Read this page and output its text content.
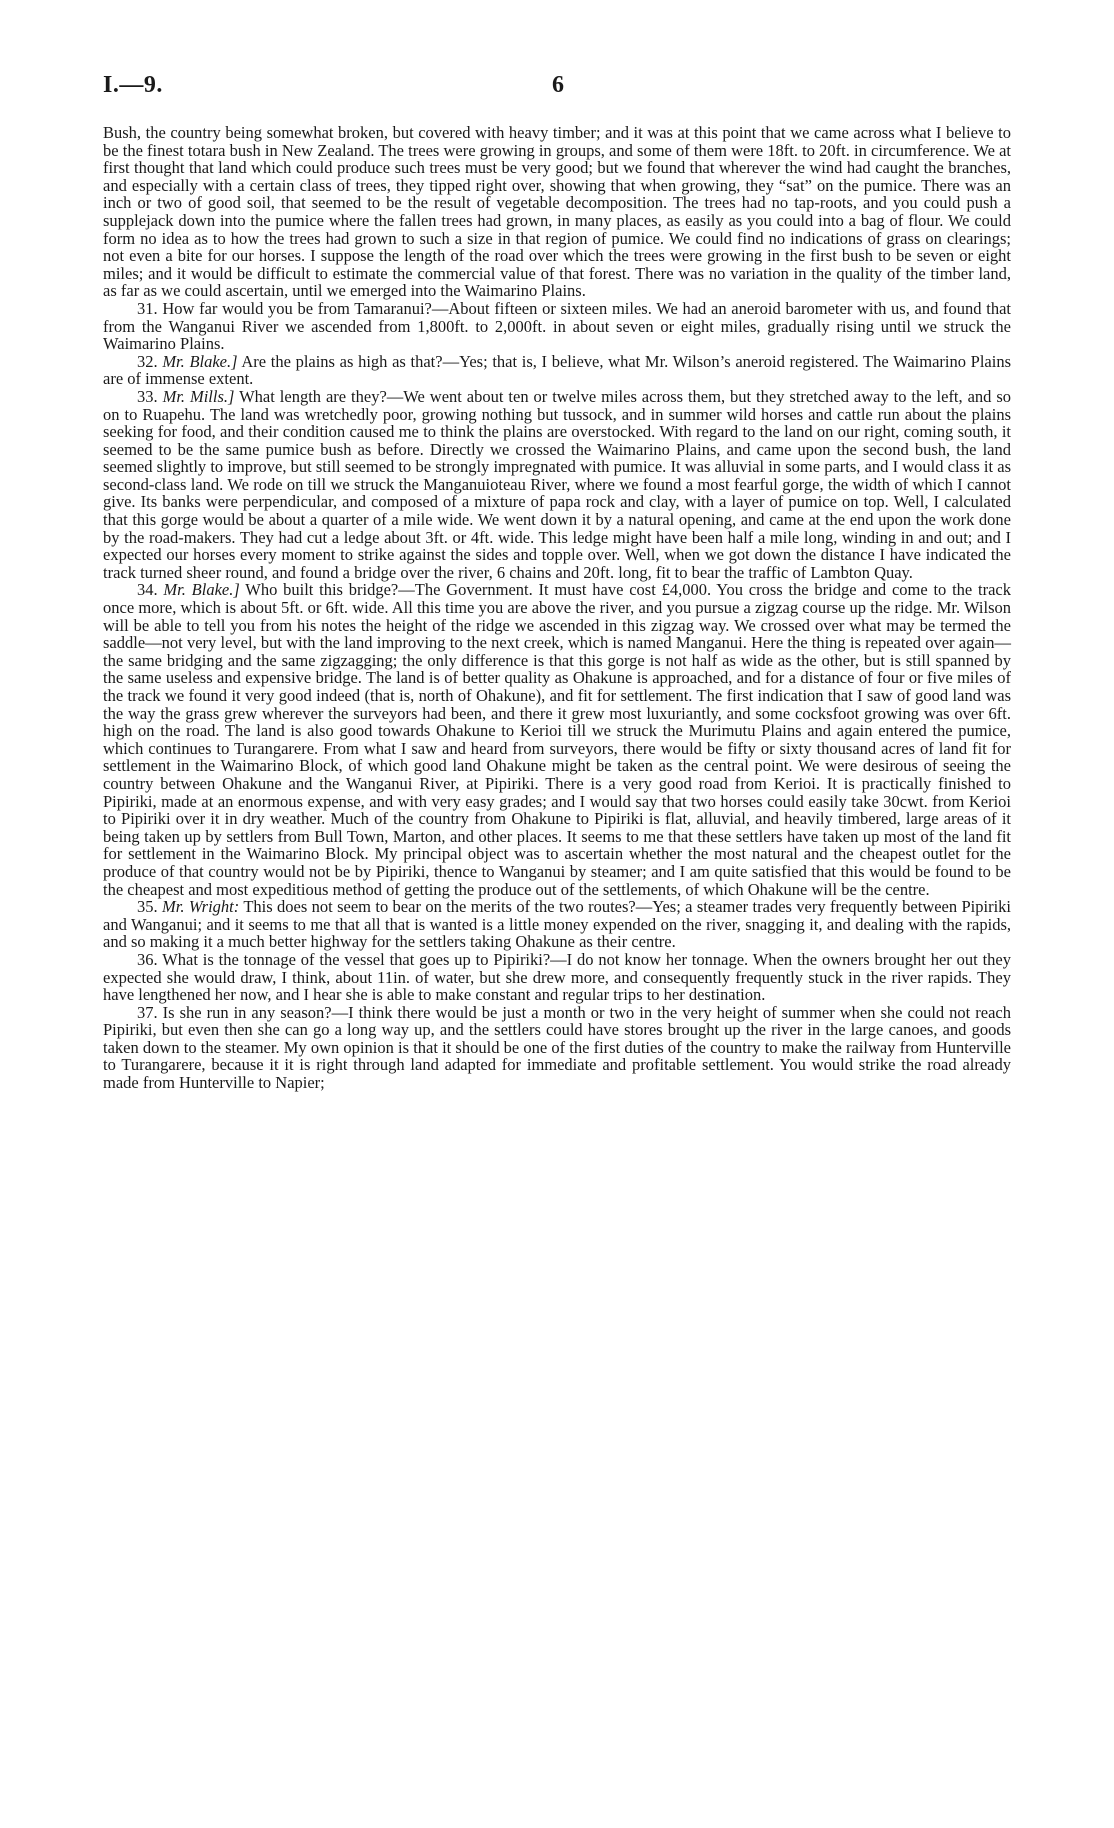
I.—9.	6

Bush, the country being somewhat broken, but covered with heavy timber; and it was at this point that we came across what I believe to be the finest totara bush in New Zealand. The trees were growing in groups, and some of them were 18ft. to 20ft. in circumference. We at first thought that land which could produce such trees must be very good; but we found that wherever the wind had caught the branches, and especially with a certain class of trees, they tipped right over, showing that when growing, they “sat” on the pumice. There was an inch or two of good soil, that seemed to be the result of vegetable decomposition. The trees had no tap-roots, and you could push a supplejack down into the pumice where the fallen trees had grown, in many places, as easily as you could into a bag of flour. We could form no idea as to how the trees had grown to such a size in that region of pumice. We could find no indications of grass on clearings; not even a bite for our horses. I suppose the length of the road over which the trees were growing in the first bush to be seven or eight miles; and it would be difficult to estimate the commercial value of that forest. There was no variation in the quality of the timber land, as far as we could ascertain, until we emerged into the Waimarino Plains.

31. How far would you be from Tamaranui?—About fifteen or sixteen miles. We had an aneroid barometer with us, and found that from the Wanganui River we ascended from 1,800ft. to 2,000ft. in about seven or eight miles, gradually rising until we struck the Waimarino Plains.

32. Mr. Blake.] Are the plains as high as that?—Yes; that is, I believe, what Mr. Wilson’s aneroid registered. The Waimarino Plains are of immense extent.

33. Mr. Mills.] What length are they?—We went about ten or twelve miles across them, but they stretched away to the left, and so on to Ruapehu. The land was wretchedly poor, growing nothing but tussock, and in summer wild horses and cattle run about the plains seeking for food, and their condition caused me to think the plains are overstocked. With regard to the land on our right, coming south, it seemed to be the same pumice bush as before. Directly we crossed the Waimarino Plains, and came upon the second bush, the land seemed slightly to improve, but still seemed to be strongly impregnated with pumice. It was alluvial in some parts, and I would class it as second-class land. We rode on till we struck the Manganuioteau River, where we found a most fearful gorge, the width of which I cannot give. Its banks were perpendicular, and composed of a mixture of papa rock and clay, with a layer of pumice on top. Well, I calculated that this gorge would be about a quarter of a mile wide. We went down it by a natural opening, and came at the end upon the work done by the road-makers. They had cut a ledge about 3ft. or 4ft. wide. This ledge might have been half a mile long, winding in and out; and I expected our horses every moment to strike against the sides and topple over. Well, when we got down the distance I have indicated the track turned sheer round, and found a bridge over the river, 6 chains and 20ft. long, fit to bear the traffic of Lambton Quay.

34. Mr. Blake.] Who built this bridge?—The Government. It must have cost £4,000. You cross the bridge and come to the track once more, which is about 5ft. or 6ft. wide. All this time you are above the river, and you pursue a zigzag course up the ridge. Mr. Wilson will be able to tell you from his notes the height of the ridge we ascended in this zigzag way. We crossed over what may be termed the saddle—not very level, but with the land improving to the next creek, which is named Manganui. Here the thing is repeated over again—the same bridging and the same zigzagging; the only difference is that this gorge is not half as wide as the other, but is still spanned by the same useless and expensive bridge. The land is of better quality as Ohakune is approached, and for a distance of four or five miles of the track we found it very good indeed (that is, north of Ohakune), and fit for settlement. The first indication that I saw of good land was the way the grass grew wherever the surveyors had been, and there it grew most luxuriantly, and some cocksfoot growing was over 6ft. high on the road. The land is also good towards Ohakune to Kerioi till we struck the Murimutu Plains and again entered the pumice, which continues to Turangarere. From what I saw and heard from surveyors, there would be fifty or sixty thousand acres of land fit for settlement in the Waimarino Block, of which good land Ohakune might be taken as the central point. We were desirous of seeing the country between Ohakune and the Wanganui River, at Pipiriki. There is a very good road from Kerioi. It is practically finished to Pipiriki, made at an enormous expense, and with very easy grades; and I would say that two horses could easily take 30cwt. from Kerioi to Pipiriki over it in dry weather. Much of the country from Ohakune to Pipiriki is flat, alluvial, and heavily timbered, large areas of it being taken up by settlers from Bull Town, Marton, and other places. It seems to me that these settlers have taken up most of the land fit for settlement in the Waimarino Block. My principal object was to ascertain whether the most natural and the cheapest outlet for the produce of that country would not be by Pipiriki, thence to Wanganui by steamer; and I am quite satisfied that this would be found to be the cheapest and most expeditious method of getting the produce out of the settlements, of which Ohakune will be the centre.

35. Mr. Wright: This does not seem to bear on the merits of the two routes?—Yes; a steamer trades very frequently between Pipiriki and Wanganui; and it seems to me that all that is wanted is a little money expended on the river, snagging it, and dealing with the rapids, and so making it a much better highway for the settlers taking Ohakune as their centre.

36. What is the tonnage of the vessel that goes up to Pipiriki?—I do not know her tonnage. When the owners brought her out they expected she would draw, I think, about 11in. of water, but she drew more, and consequently frequently stuck in the river rapids. They have lengthened her now, and I hear she is able to make constant and regular trips to her destination.

37. Is she run in any season?—I think there would be just a month or two in the very height of summer when she could not reach Pipiriki, but even then she can go a long way up, and the settlers could have stores brought up the river in the large canoes, and goods taken down to the steamer. My own opinion is that it should be one of the first duties of the country to make the railway from Hunterville to Turangarere, because it it is right through land adapted for immediate and profitable settlement. You would strike the road already made from Hunterville to Napier;
